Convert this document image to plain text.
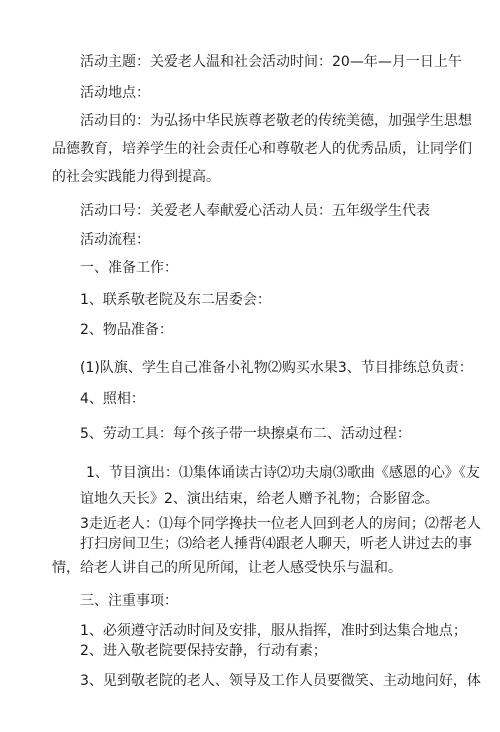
活动主题：关爱老人温和社会活动时间：20—年—月一日上午
活动地点：
活动目的：为弘扬中华民族尊老敬老的传统美德，加强学生思想
品德教育，培养学生的社会责任心和尊敬老人的优秀品质，让同学们
的社会实践能力得到提高。
活动口号：关爱老人奉献爱心活动人员：五年级学生代表
活动流程：
一、准备工作：
1、联系敬老院及东二居委会：
2、物品准备：
(1)队旗、学生自己准备小礼物⑵购买水果3、节目排练总负责：
4、照相：
5、劳动工具：每个孩子带一块擦桌布二、活动过程：
1、节目演出：⑴集体诵读古诗⑵功夫扇⑶歌曲《感恩的心》《友
谊地久天长》2、演出结束，给老人赠予礼物；合影留念。
3走近老人：⑴每个同学搀扶一位老人回到老人的房间；⑵帮老人
打扫房间卫生；⑶给老人捶背⑷跟老人聊天，听老人讲过去的事
情，给老人讲自己的所见所闻，让老人感受快乐与温和。
三、注重事项：
1、必须遵守活动时间及安排，服从指挥，准时到达集合地点；
2、进入敬老院要保持安静，行动有素；
3、见到敬老院的老人、领导及工作人员要微笑、主动地问好，体
